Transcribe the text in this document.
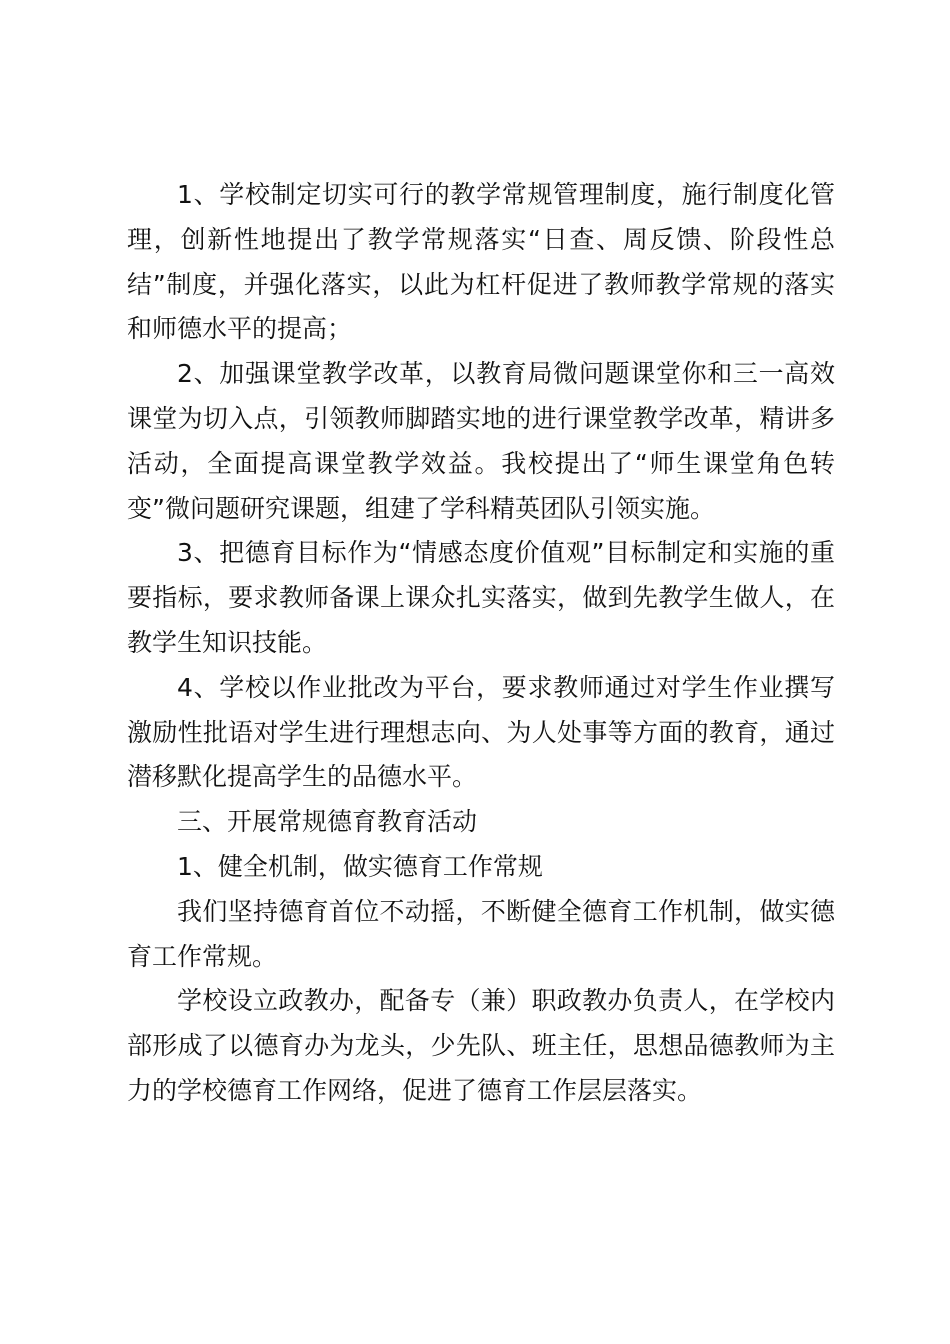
1、学校制定切实可行的教学常规管理制度，施行制度化管理，创新性地提出了教学常规落实“日查、周反馈、阶段性总结”制度，并强化落实，以此为杠杆促进了教师教学常规的落实和师德水平的提高；

2、加强课堂教学改革，以教育局微问题课堂你和三一高效课堂为切入点，引领教师脚踏实地的进行课堂教学改革，精讲多活动，全面提高课堂教学效益。我校提出了“师生课堂角色转变”微问题研究课题，组建了学科精英团队引领实施。

3、把德育目标作为“情感态度价值观”目标制定和实施的重要指标，要求教师备课上课众扎实落实，做到先教学生做人，在教学生知识技能。

4、学校以作业批改为平台，要求教师通过对学生作业撰写激励性批语对学生进行理想志向、为人处事等方面的教育，通过潜移默化提高学生的品德水平。

三、开展常规德育教育活动

1、健全机制，做实德育工作常规

我们坚持德育首位不动摇，不断健全德育工作机制，做实德育工作常规。

学校设立政教办，配备专（兼）职政教办负责人，在学校内部形成了以德育办为龙头，少先队、班主任，思想品德教师为主力的学校德育工作网络，促进了德育工作层层落实。
